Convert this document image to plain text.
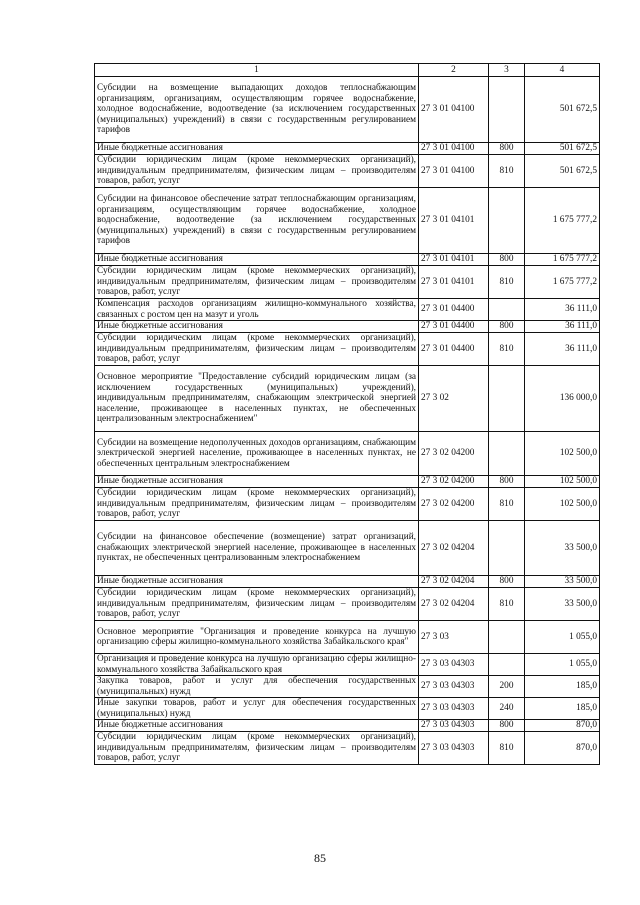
1	2	3	4
Субсидии на возмещение выпадающих доходов теплоснабжающим организациям, организациям, осуществляющим горячее водоснабжение, холодное водоснабжение, водоотведение (за исключением государственных (муниципальных) учреждений) в связи с государственным регулированием тарифов	27 3 01 04100		501 672,5
Иные бюджетные ассигнования	27 3 01 04100	800	501 672,5
Субсидии юридическим лицам (кроме некоммерческих организаций), индивидуальным предпринимателям, физическим лицам – производителям товаров, работ, услуг	27 3 01 04100	810	501 672,5
Субсидии на финансовое обеспечение затрат теплоснабжающим организациям, организациям, осуществляющим горячее водоснабжение, холодное водоснабжение, водоотведение (за исключением государственных (муниципальных) учреждений) в связи с государственным регулированием тарифов	27 3 01 04101		1 675 777,2
Иные бюджетные ассигнования	27 3 01 04101	800	1 675 777,2
Субсидии юридическим лицам (кроме некоммерческих организаций), индивидуальным предпринимателям, физическим лицам – производителям товаров, работ, услуг	27 3 01 04101	810	1 675 777,2
Компенсация расходов организациям жилищно-коммунального хозяйства, связанных с ростом цен на мазут и уголь	27 3 01 04400		36 111,0
Иные бюджетные ассигнования	27 3 01 04400	800	36 111,0
Субсидии юридическим лицам (кроме некоммерческих организаций), индивидуальным предпринимателям, физическим лицам – производителям товаров, работ, услуг	27 3 01 04400	810	36 111,0
Основное мероприятие "Предоставление субсидий юридическим лицам (за исключением государственных (муниципальных) учреждений), индивидуальным предпринимателям, снабжающим электрической энергией население, проживающее в населенных пунктах, не обеспеченных централизованным электроснабжением"	27 3 02		136 000,0
Субсидии на возмещение недополученных доходов организациям, снабжающим электрической энергией население, проживающее в населенных пунктах, не обеспеченных центральным электроснабжением	27 3 02 04200		102 500,0
Иные бюджетные ассигнования	27 3 02 04200	800	102 500,0
Субсидии юридическим лицам (кроме некоммерческих организаций), индивидуальным предпринимателям, физическим лицам – производителям товаров, работ, услуг	27 3 02 04200	810	102 500,0
Субсидии на финансовое обеспечение (возмещение) затрат организаций, снабжающих электрической энергией население, проживающее в населенных пунктах, не обеспеченных централизованным электроснабжением	27 3 02 04204		33 500,0
Иные бюджетные ассигнования	27 3 02 04204	800	33 500,0
Субсидии юридическим лицам (кроме некоммерческих организаций), индивидуальным предпринимателям, физическим лицам – производителям товаров, работ, услуг	27 3 02 04204	810	33 500,0
Основное мероприятие "Организация и проведение конкурса на лучшую организацию сферы жилищно-коммунального хозяйства Забайкальского края"	27 3 03		1 055,0
Организация и проведение конкурса на лучшую организацию сферы жилищно-коммунального хозяйства Забайкальского края	27 3 03 04303		1 055,0
Закупка товаров, работ и услуг для обеспечения государственных (муниципальных) нужд	27 3 03 04303	200	185,0
Иные закупки товаров, работ и услуг для обеспечения государственных (муниципальных) нужд	27 3 03 04303	240	185,0
Иные бюджетные ассигнования	27 3 03 04303	800	870,0
Субсидии юридическим лицам (кроме некоммерческих организаций), индивидуальным предпринимателям, физическим лицам – производителям товаров, работ, услуг	27 3 03 04303	810	870,0
85
